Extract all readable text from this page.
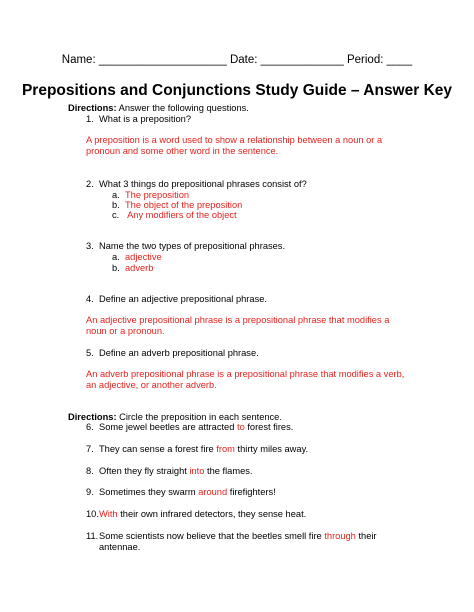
Name: ____________________ Date: _____________ Period: ____
Prepositions and Conjunctions Study Guide – Answer Key
Directions: Answer the following questions.
1. What is a preposition?
A preposition is a word used to show a relationship between a noun or a
pronoun and some other word in the sentence.
2. What 3 things do prepositional phrases consist of?
a. The preposition
b. The object of the preposition
c. Any modifiers of the object
3. Name the two types of prepositional phrases.
a. adjective
b. adverb
4. Define an adjective prepositional phrase.
An adjective prepositional phrase is a prepositional phrase that modifies a
noun or a pronoun.
5. Define an adverb prepositional phrase.
An adverb prepositional phrase is a prepositional phrase that modifies a verb,
an adjective, or another adverb.
Directions: Circle the preposition in each sentence.
6. Some jewel beetles are attracted to forest fires.
7. They can sense a forest fire from thirty miles away.
8. Often they fly straight into the flames.
9. Sometimes they swarm around firefighters!
10.With their own infrared detectors, they sense heat.
11.Some scientists now believe that the beetles smell fire through their
antennae.
